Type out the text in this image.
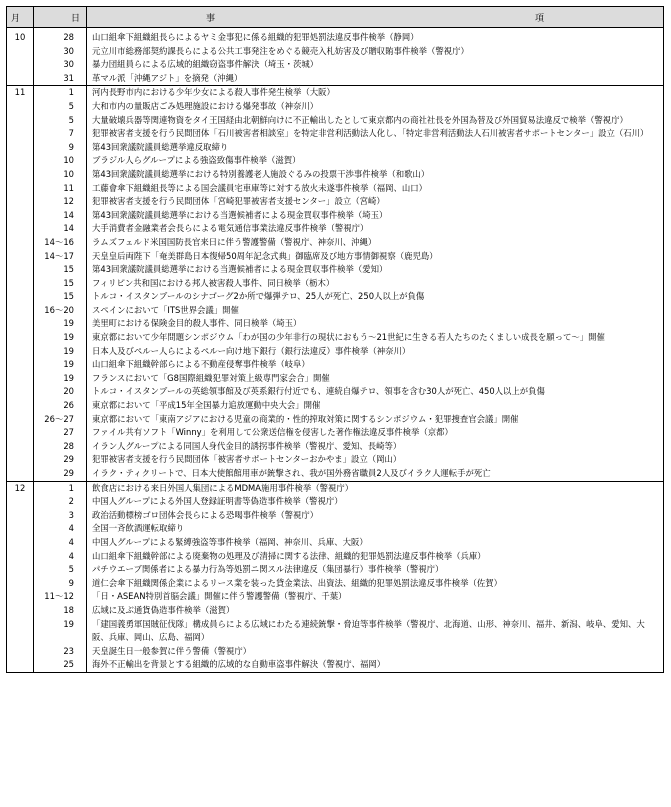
月	日	事 項
10	28	山口組傘下組織組長らによるヤミ金事犯に係る組織的犯罪処罰法違反事件検挙（静岡）
	30	元立川市総務部契約課長らによる公共工事発注をめぐる競売入札妨害及び贈収賄事件検挙（警視庁）
	30	暴力団組員らによる広域的組織窃盗事件解決（埼玉・茨城）
	31	革マル派「沖縄アジト」を摘発（沖縄）
11	1	河内長野市内における少年少女による殺人事件発生検挙（大阪）
	5	大和市内の量販店ごみ処理施設における爆発事故（神奈川）
	5	大量破壊兵器等関連物資をタイ王国経由北朝鮮向けに不正輸出したとして東京都内の商社社長を外国為替及び外国貿易法違反で検挙（警視庁）
	7	犯罪被害者支援を行う民間団体「石川被害者相談室」を特定非営利活動法人化し、「特定非営利活動法人石川被害者サポートセンター」設立（石川）
	9	第43回衆議院議員総選挙違反取締り
	10	ブラジル人らグループによる強盗致傷事件検挙（滋賀）
	10	第43回衆議院議員総選挙における特別養護老人施設ぐるみの投票干渉事件検挙（和歌山）
	11	工藤會傘下組織組長等による国会議員宅車庫等に対する放火未遂事件検挙（福岡、山口）
	12	犯罪被害者支援を行う民間団体「宮崎犯罪被害者支援センター」設立（宮崎）
	14	第43回衆議院議員総選挙における当選候補者による現金買収事件検挙（埼玉）
	14	大手消費者金融業者会長らによる電気通信事業法違反事件検挙（警視庁）
	14〜16	ラムズフェルド米国国防長官来日に伴う警護警備（警視庁、神奈川、沖縄）
	14〜17	天皇皇后両陛下「奄美群島日本復帰50周年記念式典」御臨席及び地方事情御視察（鹿児島）
	15	第43回衆議院議員総選挙における当選候補者による現金買収事件検挙（愛知）
	15	フィリピン共和国における邦人被害殺人事件、同日検挙（栃木）
	15	トルコ・イスタンブールのシナゴーグ2か所で爆弾テロ、25人が死亡、250人以上が負傷
	16〜20	スペインにおいて「ITS世界会議」開催
	19	美里町における保険金目的殺人事件、同日検挙（埼玉）
	19	東京都において少年問題シンポジウム「わが国の少年非行の現状におもう〜21世紀に生きる若人たちのたくましい成長を願って〜」開催
	19	日本人及びペルー人らによるペルー向け地下銀行（銀行法違反）事件検挙（神奈川）
	19	山口組傘下組織幹部らによる不動産侵奪事件検挙（岐阜）
	19	フランスにおいて「G8国際組織犯罪対策上級専門家会合」開催
	20	トルコ・イスタンブールの英総領事館及び英系銀行付近でも、連続自爆テロ、領事を含む30人が死亡、450人以上が負傷
	26	東京都において「平成15年全国暴力追放運動中央大会」開催
	26〜27	東京都において「東南アジアにおける児童の商業的・性的搾取対策に関するシンポジウム・犯罪捜査官会議」開催
	27	ファイル共有ソフト「Winny」を利用して公衆送信権を侵害した著作権法違反事件検挙（京都）
	28	イラン人グループによる同国人身代金目的誘拐事件検挙（警視庁、愛知、長崎等）
	29	犯罪被害者支援を行う民間団体「被害者サポートセンターおかやま」設立（岡山）
	29	イラク・ティクリートで、日本大使館館用車が銃撃され、我が国外務省職員2人及びイラク人運転手が死亡
12	1	飲食店における来日外国人集団によるMDMA施用事件検挙（警視庁）
	2	中国人グループによる外国人登録証明書等偽造事件検挙（警視庁）
	3	政治活動標榜ゴロ団体会長らによる恐喝事件検挙（警視庁）
	4	全国一斉飲酒運転取締り
	4	中国人グループによる緊縛強盗等事件検挙（福岡、神奈川、兵庫、大阪）
	4	山口組傘下組織幹部による廃棄物の処理及び清掃に関する法律、組織的犯罪処罰法違反事件検挙（兵庫）
	5	パチウエーブ関係者による暴力行為等処罰ニ関スル法律違反（集団暴行）事件検挙（警視庁）
	9	道仁会傘下組織関係企業によるリース業を装った貸金業法、出資法、組織的犯罪処罰法違反事件検挙（佐賀）
	11〜12	「日・ASEAN特別首脳会議」開催に伴う警護警備（警視庁、千葉）
	18	広域に及ぶ通貨偽造事件検挙（滋賀）
	19	「建国義勇軍国賊征伐隊」構成員らによる広域にわたる連続銃撃・脅迫等事件検挙（警視庁、北海道、山形、神奈川、福井、新潟、岐阜、愛知、大阪、兵庫、岡山、広島、福岡）
	23	天皇誕生日一般参賀に伴う警備（警視庁）
	25	海外不正輸出を背景とする組織的広域的な自動車盗事件解決（警視庁、福岡）
